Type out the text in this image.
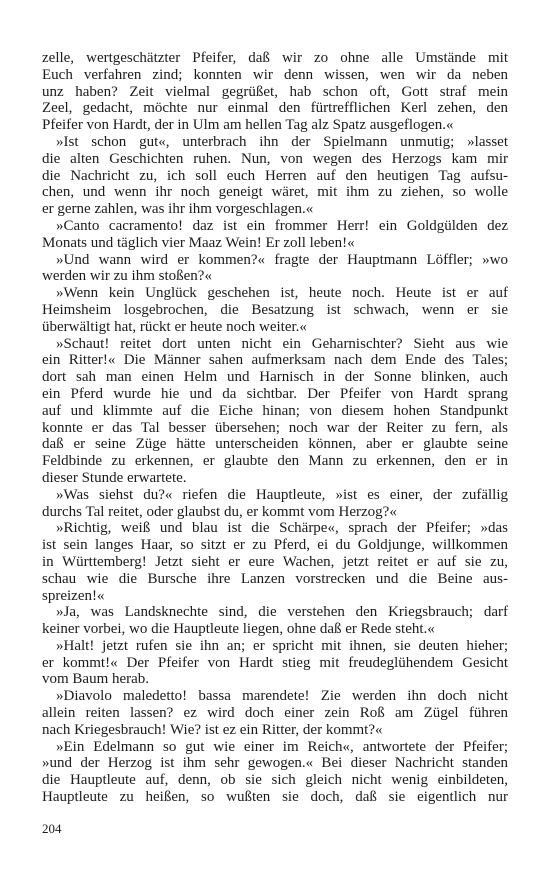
zelle, wertgeschätzter Pfeifer, daß wir zo ohne alle Umstände mit
Euch verfahren zind; konnten wir denn wissen, wen wir da neben
unz haben? Zeit vielmal gegrüßet, hab schon oft, Gott straf mein
Zeel, gedacht, möchte nur einmal den fürtrefflichen Kerl zehen, den
Pfeifer von Hardt, der in Ulm am hellen Tag alz Spatz ausgeflogen.«
»Ist schon gut«, unterbrach ihn der Spielmann unmutig; »lasset
die alten Geschichten ruhen. Nun, von wegen des Herzogs kam mir
die Nachricht zu, ich soll euch Herren auf den heutigen Tag aufsu-
chen, und wenn ihr noch geneigt wäret, mit ihm zu ziehen, so wolle
er gerne zahlen, was ihr ihm vorgeschlagen.«
»Canto cacramento! daz ist ein frommer Herr! ein Goldgülden dez
Monats und täglich vier Maaz Wein! Er zoll leben!«
»Und wann wird er kommen?« fragte der Hauptmann Löffler; »wo
werden wir zu ihm stoßen?«
»Wenn kein Unglück geschehen ist, heute noch. Heute ist er auf
Heimsheim losgebrochen, die Besatzung ist schwach, wenn er sie
überwältigt hat, rückt er heute noch weiter.«
»Schaut! reitet dort unten nicht ein Geharnischter? Sieht aus wie
ein Ritter!« Die Männer sahen aufmerksam nach dem Ende des Tales;
dort sah man einen Helm und Harnisch in der Sonne blinken, auch
ein Pferd wurde hie und da sichtbar. Der Pfeifer von Hardt sprang
auf und klimmte auf die Eiche hinan; von diesem hohen Standpunkt
konnte er das Tal besser übersehen; noch war der Reiter zu fern, als
daß er seine Züge hätte unterscheiden können, aber er glaubte seine
Feldbinde zu erkennen, er glaubte den Mann zu erkennen, den er in
dieser Stunde erwartete.
»Was siehst du?« riefen die Hauptleute, »ist es einer, der zufällig
durchs Tal reitet, oder glaubst du, er kommt vom Herzog?«
»Richtig, weiß und blau ist die Schärpe«, sprach der Pfeifer; »das
ist sein langes Haar, so sitzt er zu Pferd, ei du Goldjunge, willkommen
in Württemberg! Jetzt sieht er eure Wachen, jetzt reitet er auf sie zu,
schau wie die Bursche ihre Lanzen vorstrecken und die Beine aus-
spreizen!«
»Ja, was Landsknechte sind, die verstehen den Kriegsbrauch; darf
keiner vorbei, wo die Hauptleute liegen, ohne daß er Rede steht.«
»Halt! jetzt rufen sie ihn an; er spricht mit ihnen, sie deuten hieher;
er kommt!« Der Pfeifer von Hardt stieg mit freudeglühendem Gesicht
vom Baum herab.
»Diavolo maledetto! bassa marendete! Zie werden ihn doch nicht
allein reiten lassen? ez wird doch einer zein Roß am Zügel führen
nach Kriegesbrauch! Wie? ist ez ein Ritter, der kommt?«
»Ein Edelmann so gut wie einer im Reich«, antwortete der Pfeifer;
»und der Herzog ist ihm sehr gewogen.« Bei dieser Nachricht standen
die Hauptleute auf, denn, ob sie sich gleich nicht wenig einbildeten,
Hauptleute zu heißen, so wußten sie doch, daß sie eigentlich nur
204
